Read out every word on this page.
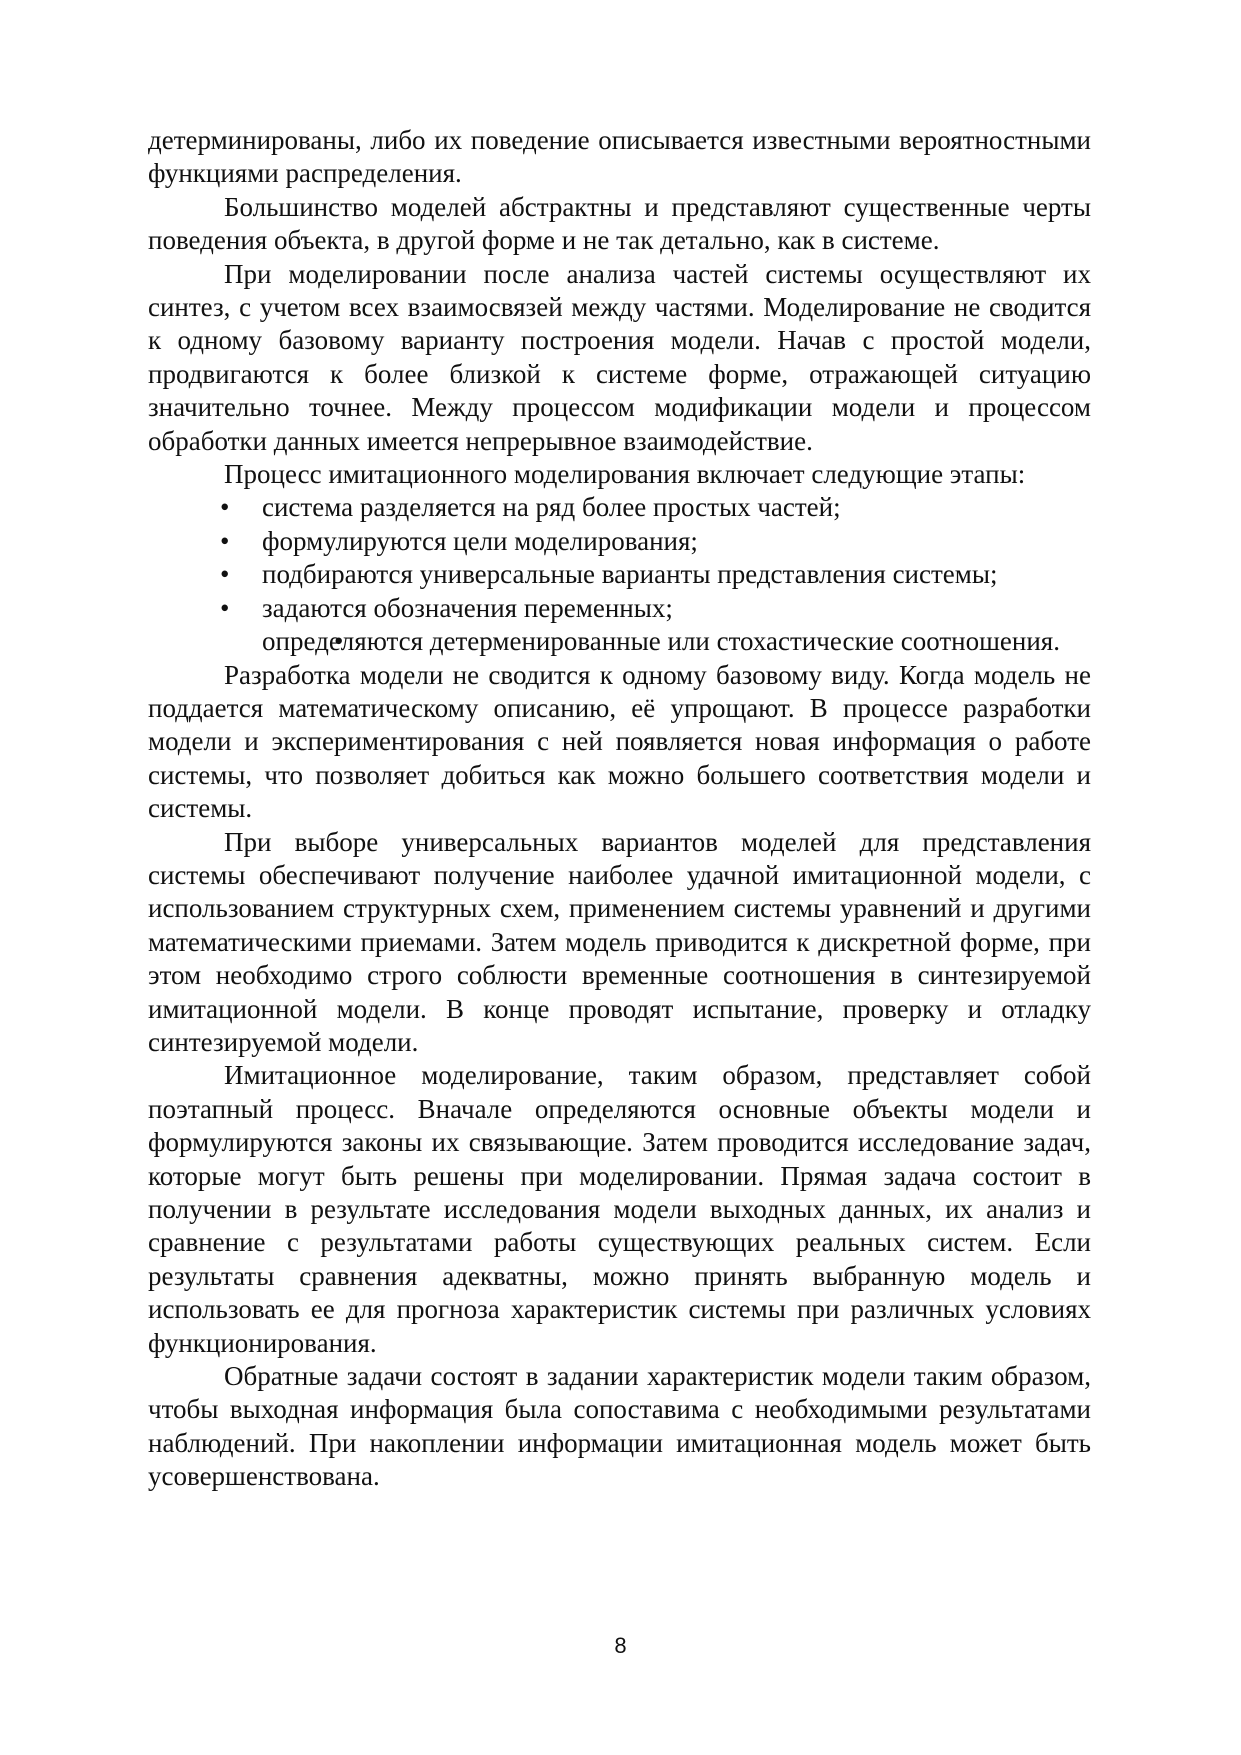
детерминированы, либо их поведение описывается известными вероятностными функциями распределения.

Большинство моделей абстрактны и представляют существенные черты поведения объекта, в другой форме и не так детально, как в системе.

При моделировании после анализа частей системы осуществляют их синтез, с учетом всех взаимосвязей между частями. Моделирование не сводится к одному базовому варианту построения модели. Начав с простой модели, продвигаются к более близкой к системе форме, отражающей ситуацию значительно точнее. Между процессом модификации модели и процессом обработки данных имеется непрерывное взаимодействие.

Процесс имитационного моделирования включает следующие этапы:

• система разделяется на ряд более простых частей;
• формулируются цели моделирования;
• подбираются универсальные варианты представления системы;
• задаются обозначения переменных;
• определяются детерменированные или стохастические соотношения.

Разработка модели не сводится к одному базовому виду. Когда модель не поддается математическому описанию, её упрощают. В процессе разработки модели и экспериментирования с ней появляется новая информация о работе системы, что позволяет добиться как можно большего соответствия модели и системы.

При выборе универсальных вариантов моделей для представления системы обеспечивают получение наиболее удачной имитационной модели, с использованием структурных схем, применением системы уравнений и другими математическими приемами. Затем модель приводится к дискретной форме, при этом необходимо строго соблюсти временные соотношения в синтезируемой имитационной модели. В конце проводят испытание, проверку и отладку синтезируемой модели.

Имитационное моделирование, таким образом, представляет собой поэтапный процесс. Вначале определяются основные объекты модели и формулируются законы их связывающие. Затем проводится исследование задач, которые могут быть решены при моделировании. Прямая задача состоит в получении в результате исследования модели выходных данных, их анализ и сравнение с результатами работы существующих реальных систем. Если результаты сравнения адекватны, можно принять выбранную модель и использовать ее для прогноза характеристик системы при различных условиях функционирования.

Обратные задачи состоят в задании характеристик модели таким образом, чтобы выходная информация была сопоставима с необходимыми результатами наблюдений. При накоплении информации имитационная модель может быть усовершенствована.

8
